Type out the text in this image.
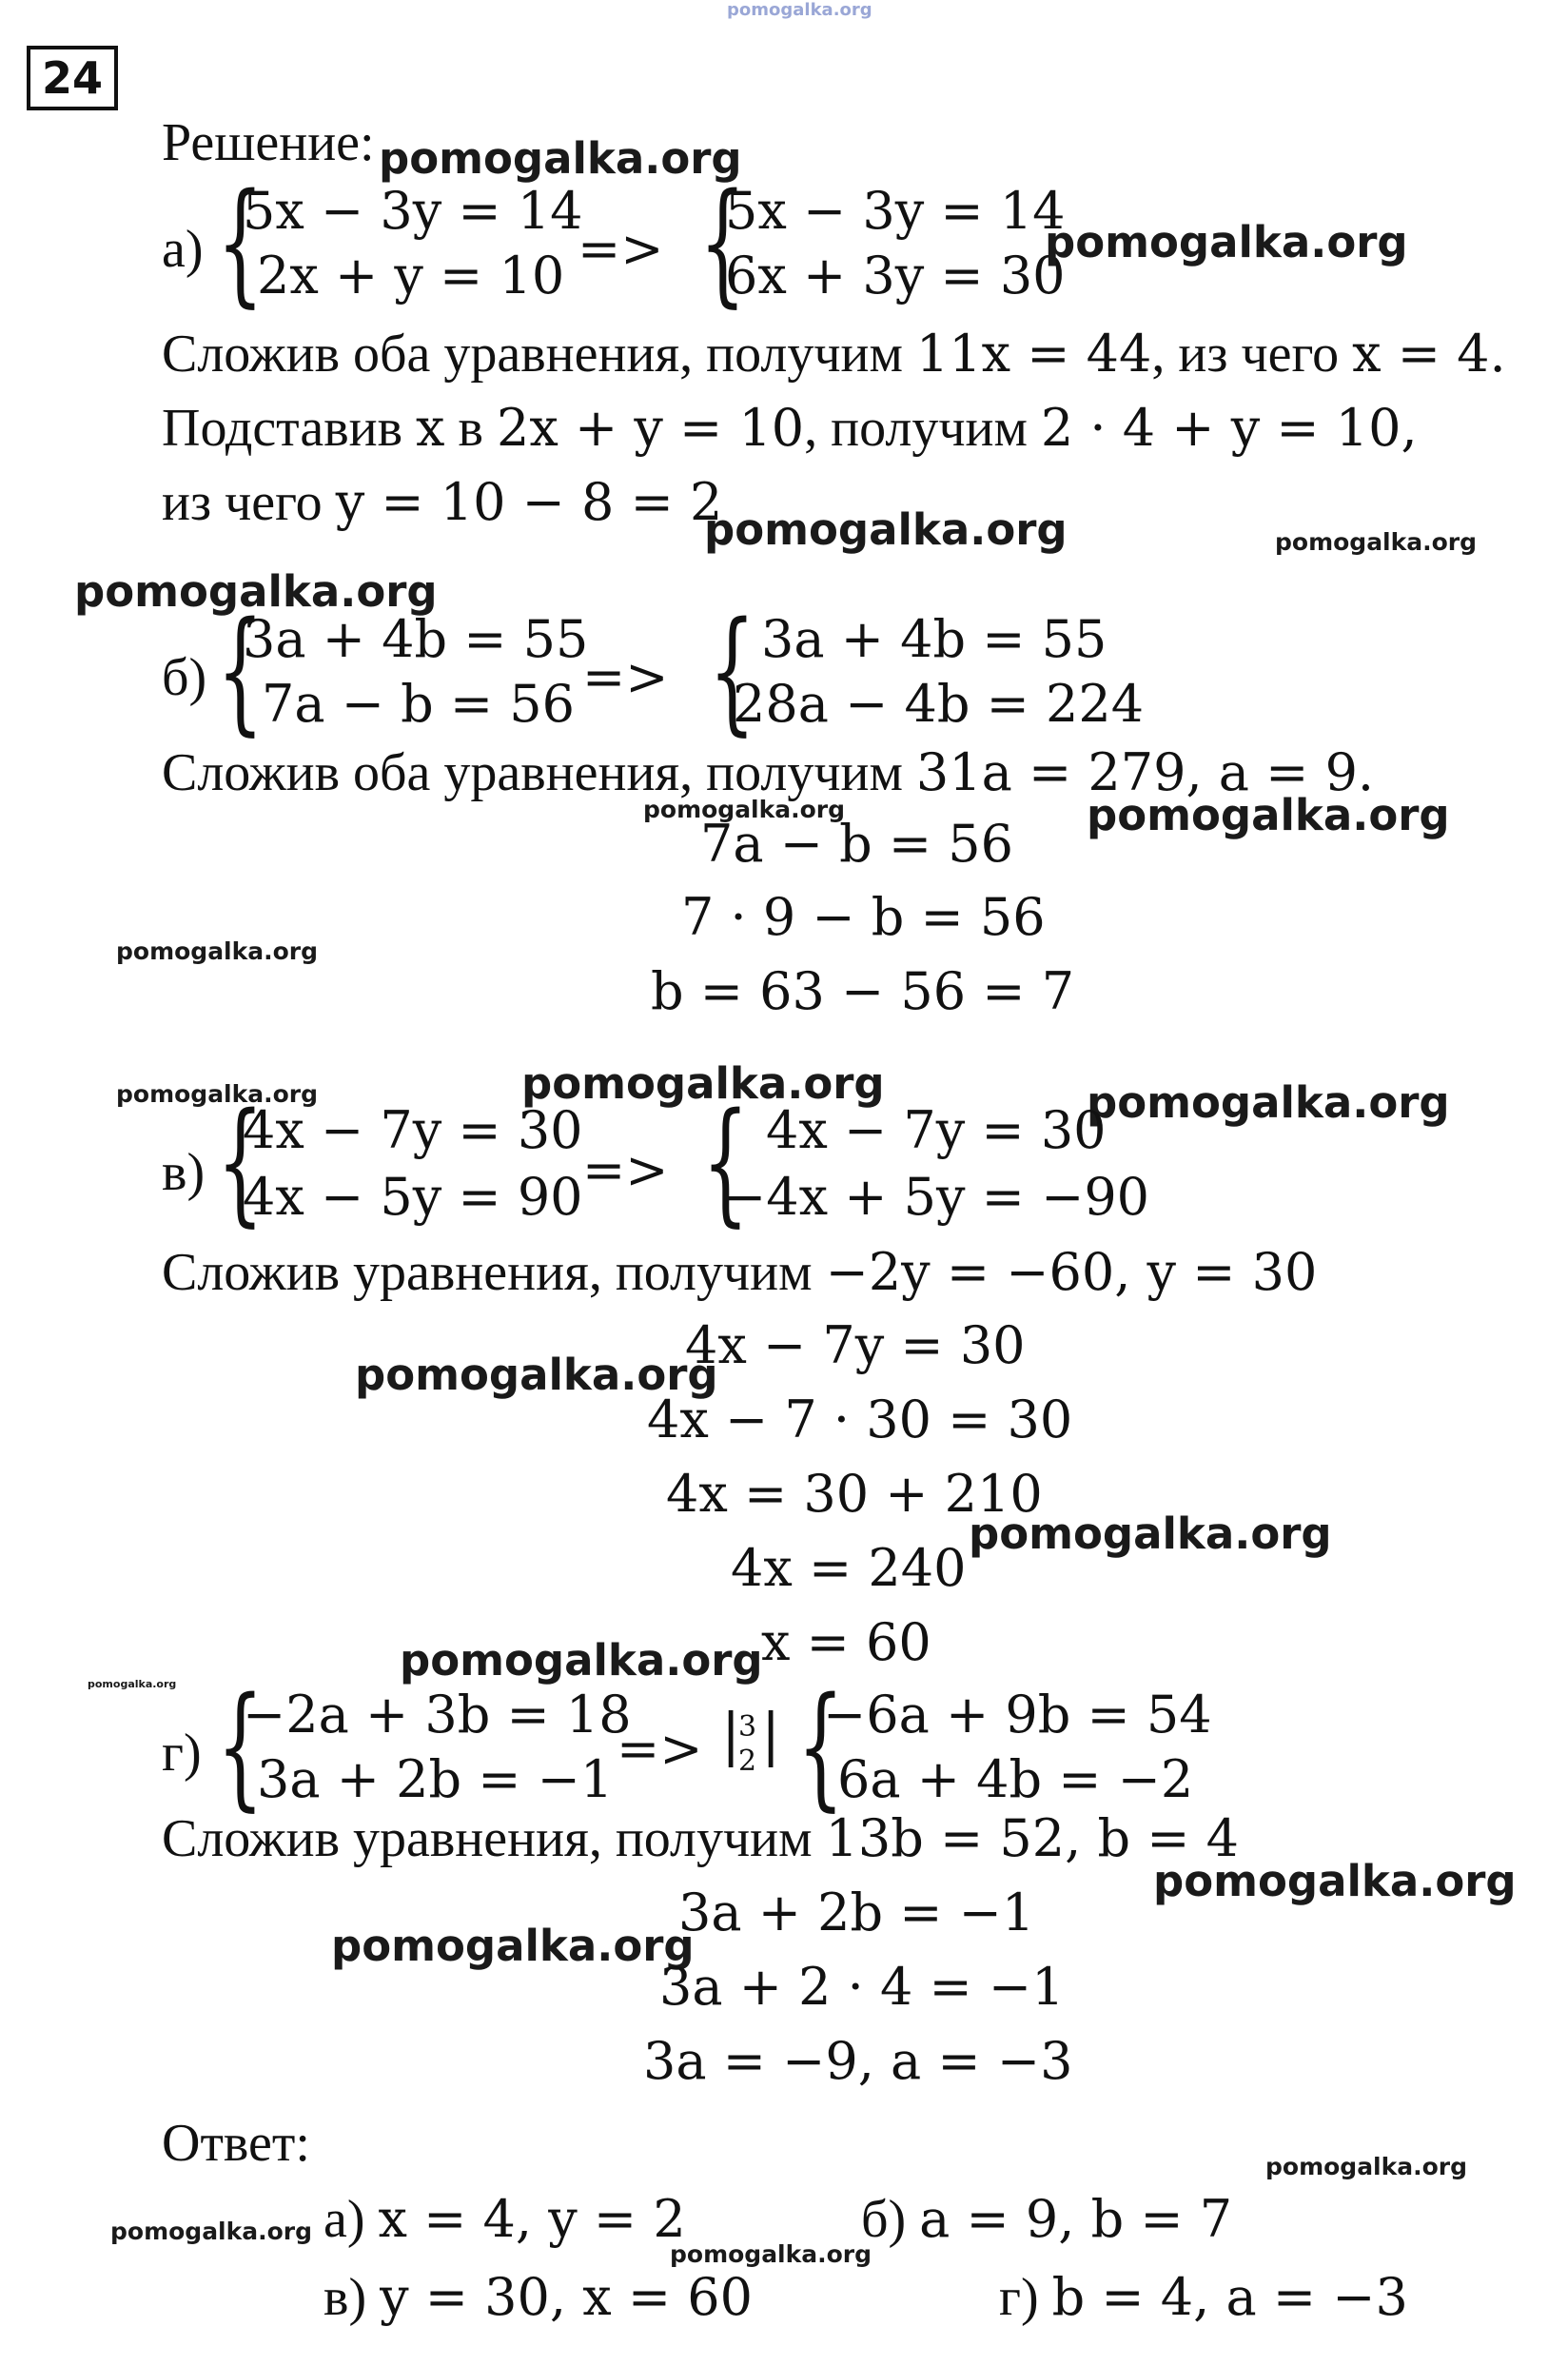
pomogalka.org
24
Решение: pomogalka.org
а) {
5x − 3y = 14
2x + y = 10 => {
5x − 3y = 14
6x + 3y = 30
pomogalka.org
Сложив оба уравнения, получим 11x = 44, из чего x = 4.
Подставив x в 2x + y = 10, получим 2 · 4 + y = 10,
из чего y = 10 − 8 = 2
pomogalka.org	pomogalka.org
pomogalka.org
б) {
3a + 4b = 55
7a − b = 56 => { 3a + 4b = 55
28a − 4b = 224
Сложив оба уравнения, получим 31a = 279, a = 9.
pomogalka.org	pomogalka.org
7a − b = 56
7 · 9 − b = 56
pomogalka.org
b = 63 − 56 = 7
pomogalka.org	pomogalka.org	pomogalka.org
в) {
4x − 7y = 30
4x − 5y = 90 => { 4x − 7y = 30
−4x + 5y = −90
Сложив уравнения, получим −2y = −60, y = 30
pomogalka.org
4x − 7y = 30
4x − 7 · 30 = 30
4x = 30 + 210
pomogalka.org
4x = 240
x = 60
pomogalka.org	pomogalka.org
г) {
−2a + 3b = 18
3a + 2b = −1
=> |
3
2 | {
−6a + 9b = 54
6a + 4b = −2
Сложив уравнения, получим 13b = 52, b = 4
pomogalka.org
3a + 2b = −1
pomogalka.org
3a + 2 · 4 = −1
3a = −9, a = −3
Ответ:	pomogalka.org
pomogalka.org а) x = 4, y = 2	б) a = 9, b = 7
pomogalka.org
в) y = 30, x = 60	г) b = 4, a = −3
